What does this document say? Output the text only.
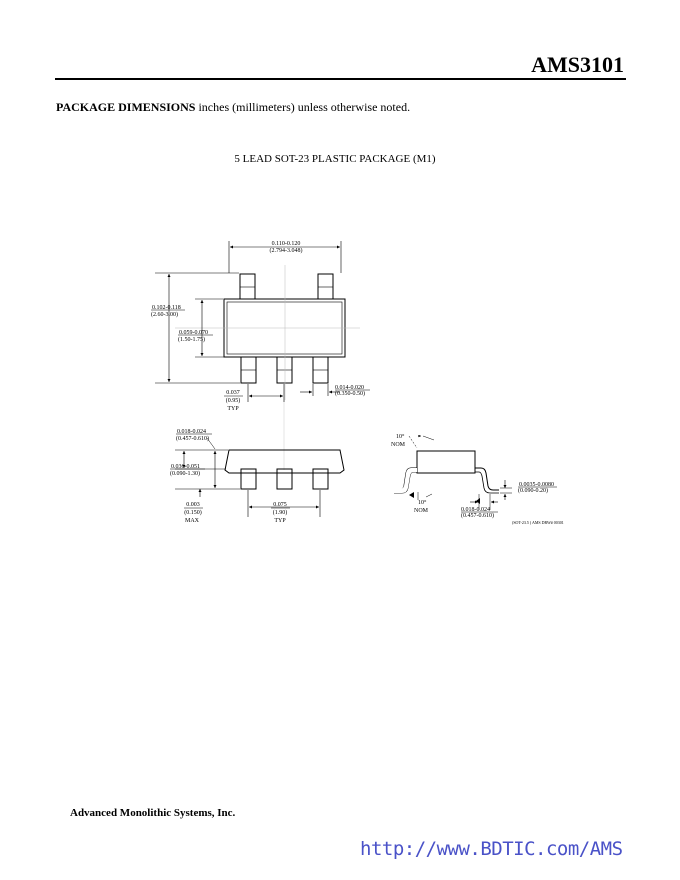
AMS3101
PACKAGE DIMENSIONS inches (millimeters) unless otherwise noted.
5 LEAD SOT-23 PLASTIC PACKAGE (M1)
0.110-0.120
(2.794-3.048)
0.102-0.118
(2.60-3.00)
0.059-0.070
(1.50-1.75)
0.037
(0.95)
TYP
0.014-0.020
(0.350-0.50)
0.018-0.024
(0.457-0.610)
0.036-0.051
(0.090-1.30)
0.003
(0.150)
MAX
0.075
(1.90)
TYP
10°
NOM
10°
NOM
0.0035-0.0080
(0.090-0.20)
0.018-0.024
(0.457-0.610)
(SOT-23.5 ) AMS DRW# 00301
Advanced Monolithic Systems, Inc.
http://www.BDTIC.com/AMS
